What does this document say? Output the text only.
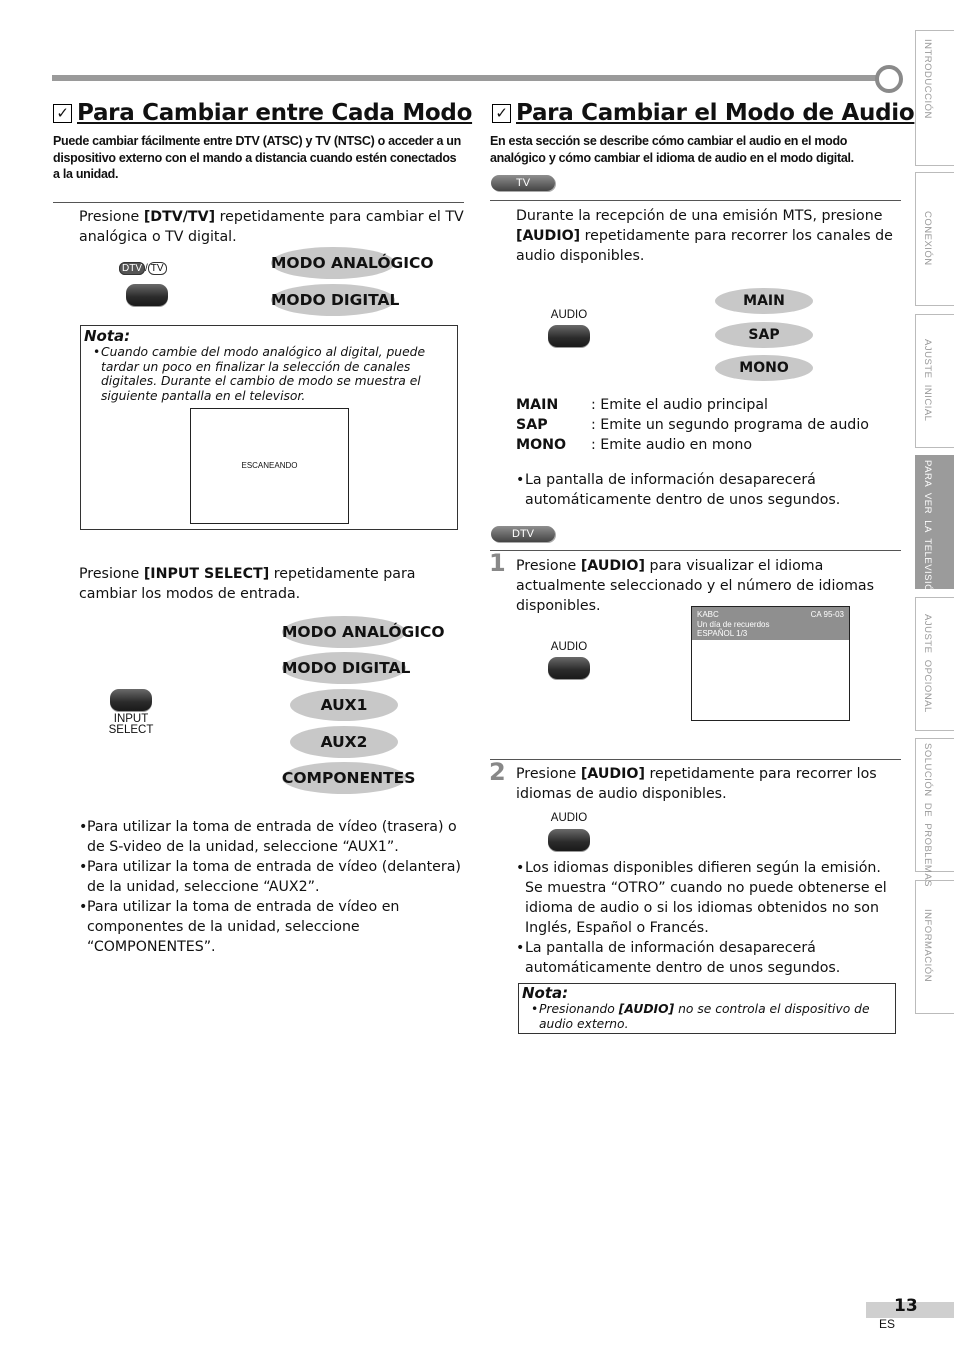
✓ Para Cambiar entre Cada Modo
Puede cambiar fácilmente entre DTV (ATSC) y TV (NTSC) o acceder a un dispositivo externo con el mando a distancia cuando estén conectados a la unidad.
Presione [DTV/TV] repetidamente para cambiar el TV analógica o TV digital.
DTV / TV	MODO ANALÓGICO
MODO DIGITAL
Nota:
• Cuando cambie del modo analógico al digital, puede tardar un poco en finalizar la selección de canales digitales. Durante el cambio de modo se muestra el siguiente pantalla en el televisor.
ESCANEANDO
Presione [INPUT SELECT] repetidamente para cambiar los modos de entrada.
INPUT
SELECT
MODO ANALÓGICO
MODO DIGITAL
AUX1
AUX2
COMPONENTES
• Para utilizar la toma de entrada de vídeo (trasera) o de S-video de la unidad, seleccione “AUX1”.
• Para utilizar la toma de entrada de vídeo (delantera) de la unidad, seleccione “AUX2”.
• Para utilizar la toma de entrada de vídeo en componentes de la unidad, seleccione “COMPONENTES”.
✓ Para Cambiar el Modo de Audio
En esta sección se describe cómo cambiar el audio en el modo analógico y cómo cambiar el idioma de audio en el modo digital.
TV
Durante la recepción de una emisión MTS, presione [AUDIO] repetidamente para recorrer los canales de audio disponibles.
AUDIO
MAIN
SAP
MONO
MAIN : Emite el audio principal
SAP	: Emite un segundo programa de audio
MONO : Emite audio en mono
• La pantalla de información desaparecerá automáticamente dentro de unos segundos.
DTV
1 Presione [AUDIO] para visualizar el idioma actualmente seleccionado y el número de idiomas disponibles.
AUDIO
KABC	CA 95-03
Un día de recuerdos
ESPAÑOL 1/3
2 Presione [AUDIO] repetidamente para recorrer los idiomas de audio disponibles.
AUDIO
• Los idiomas disponibles difieren según la emisión. Se muestra “OTRO” cuando no puede obtenerse el idioma de audio o si los idiomas obtenidos no son Inglés, Español o Francés.
• La pantalla de información desaparecerá automáticamente dentro de unos segundos.
Nota:
• Presionando [AUDIO] no se controla el dispositivo de audio externo.
INTRODUCCIÓN
CONEXIÓN
AJUSTE  INICIAL
PARA  VER  LA  TELEVISIÓN
AJUSTE  OPCIONAL
SOLUCIÓN  DE  PROBLEMAS
INFORMACIÓN
13
ES
